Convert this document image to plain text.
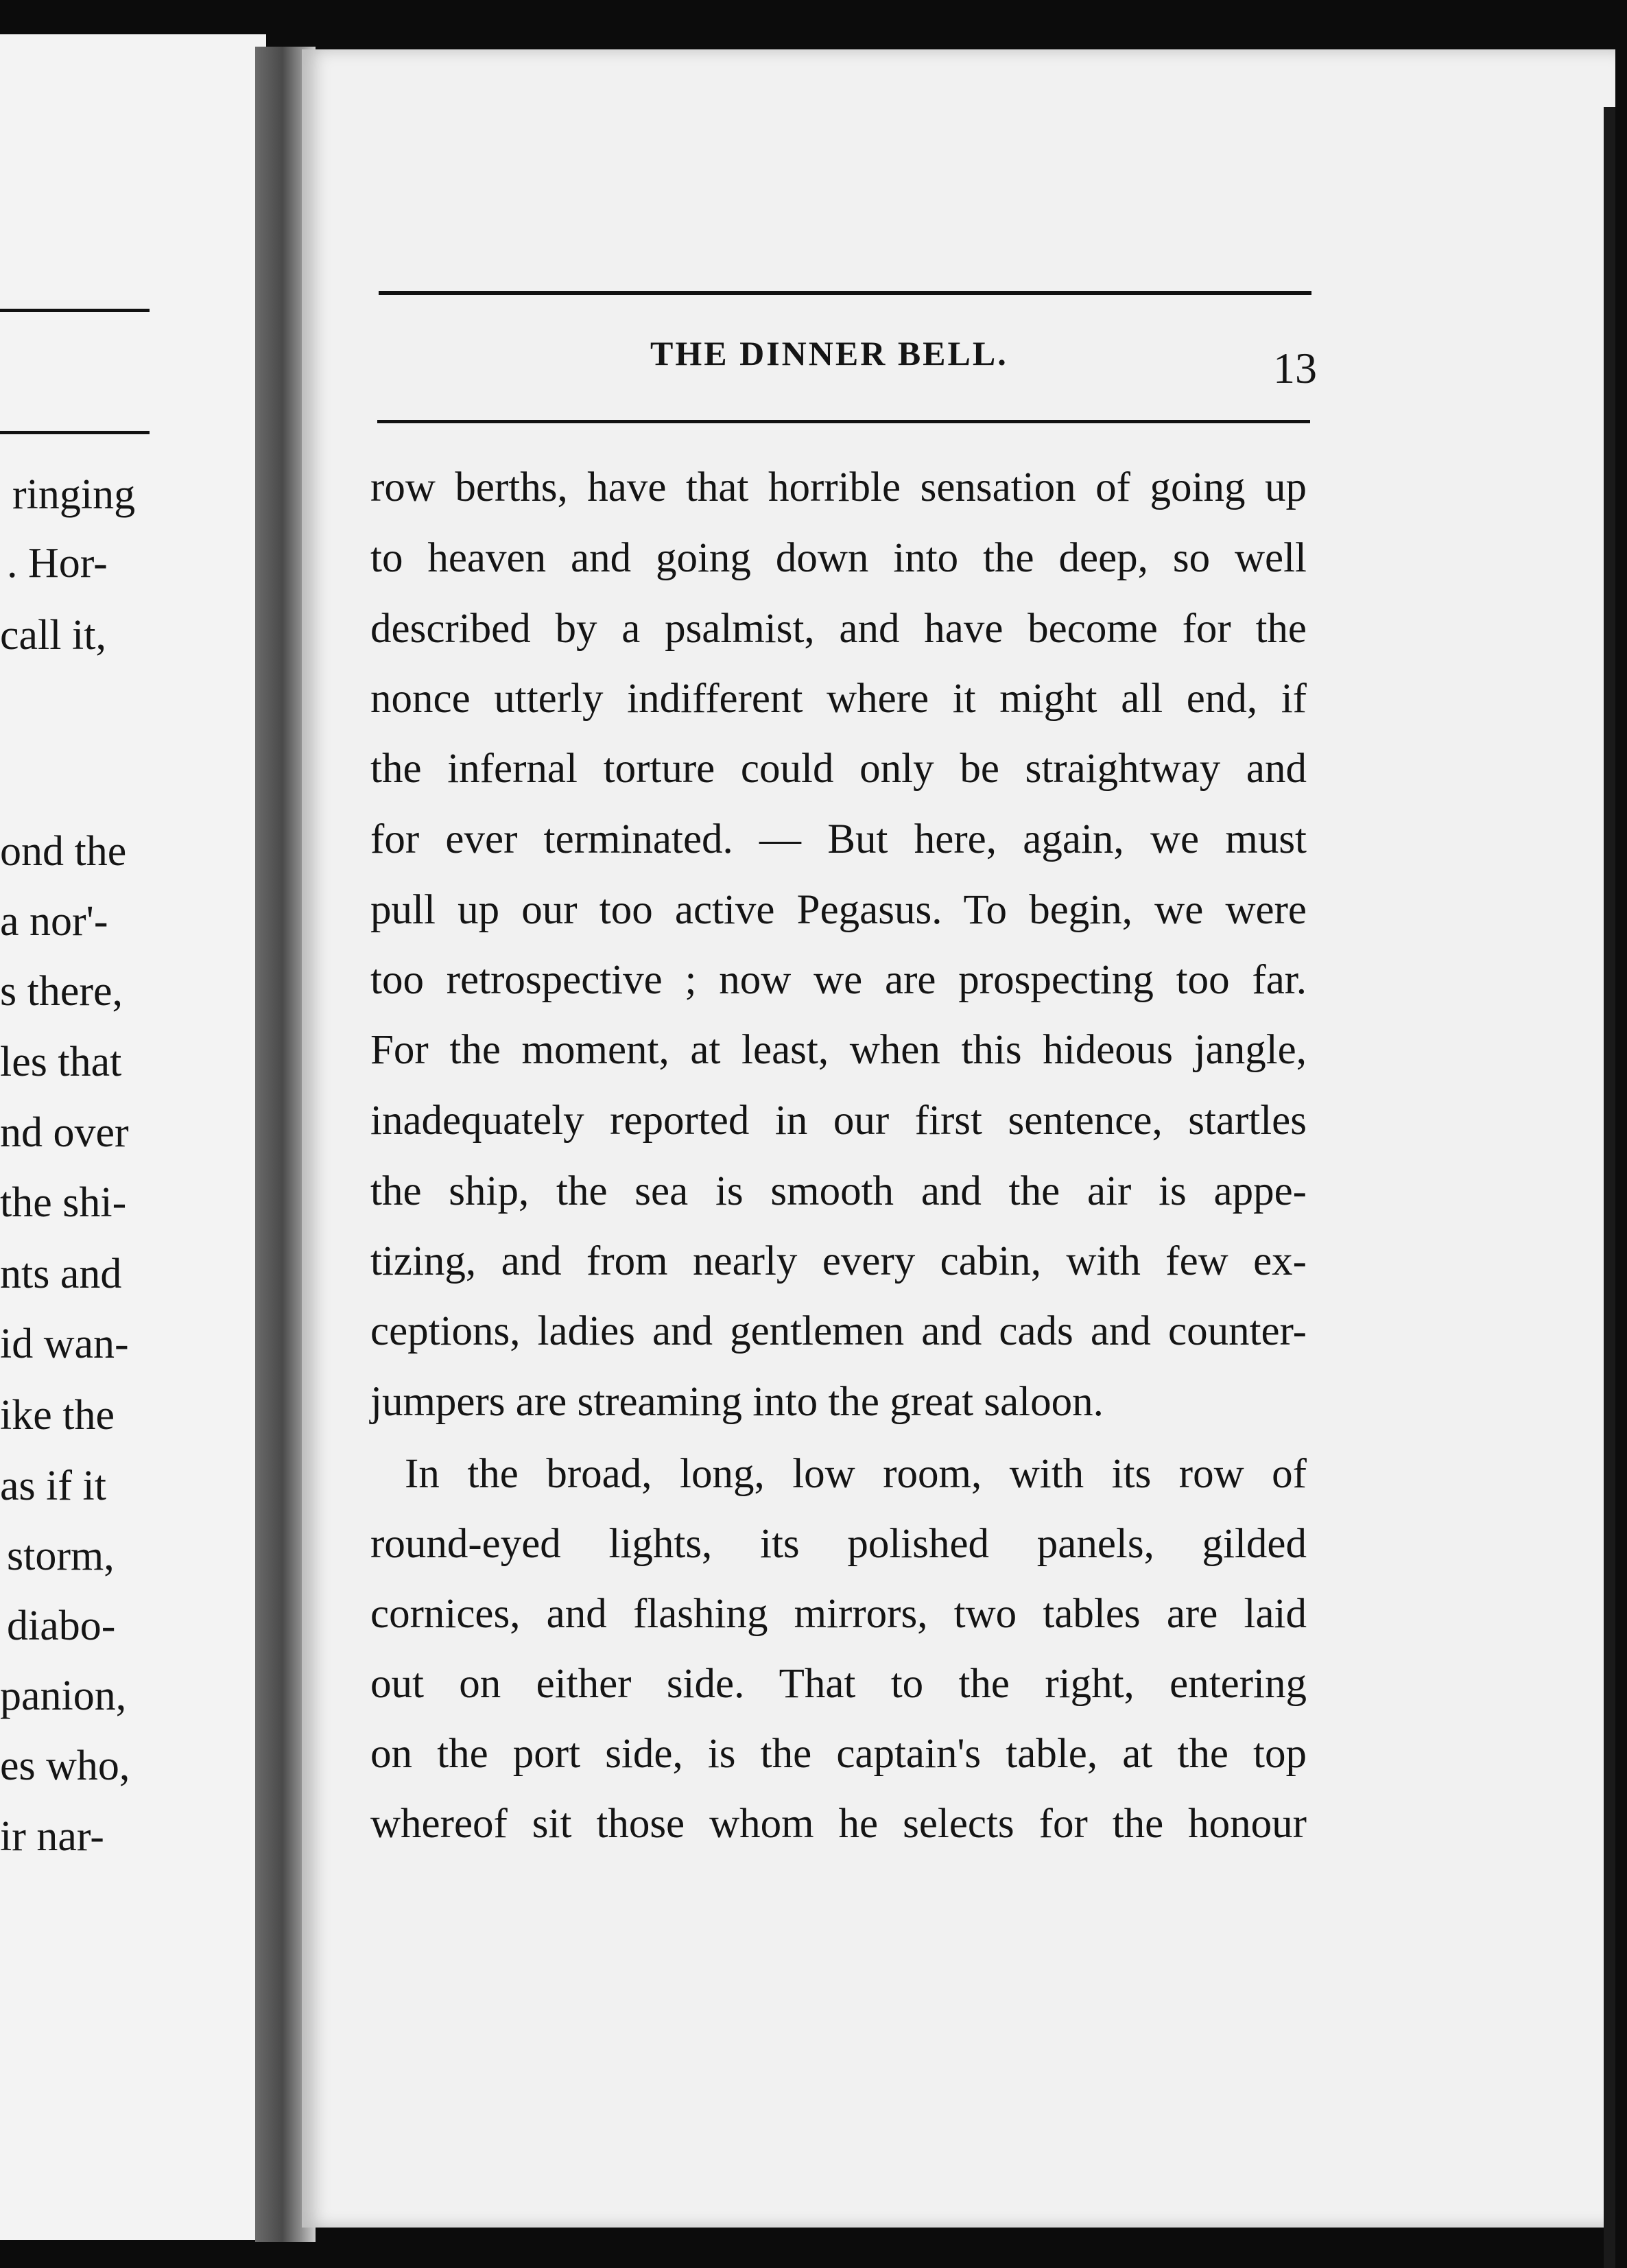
ringing
. Hor-
call it,
ond the
a nor'-
s there,
les that
nd over
the shi-
nts and
id wan-
ike the
as if it
storm,
diabo-
panion,
es who,
ir nar-
THE DINNER BELL.	13
row berths, have that horrible sensation of going up
to heaven and going down into the deep, so well
described by a psalmist, and have become for the
nonce utterly indifferent where it might all end, if
the infernal torture could only be straightway and
for ever terminated. — But here, again, we must
pull up our too active Pegasus. To begin, we were
too retrospective ; now we are prospecting too far.
For the moment, at least, when this hideous jangle,
inadequately reported in our first sentence, startles
the ship, the sea is smooth and the air is appe-
tizing, and from nearly every cabin, with few ex-
ceptions, ladies and gentlemen and cads and counter-
jumpers are streaming into the great saloon.
In the broad, long, low room, with its row of
round-eyed lights, its polished panels, gilded
cornices, and flashing mirrors, two tables are laid
out on either side. That to the right, entering
on the port side, is the captain's table, at the top
whereof sit those whom he selects for the honour
